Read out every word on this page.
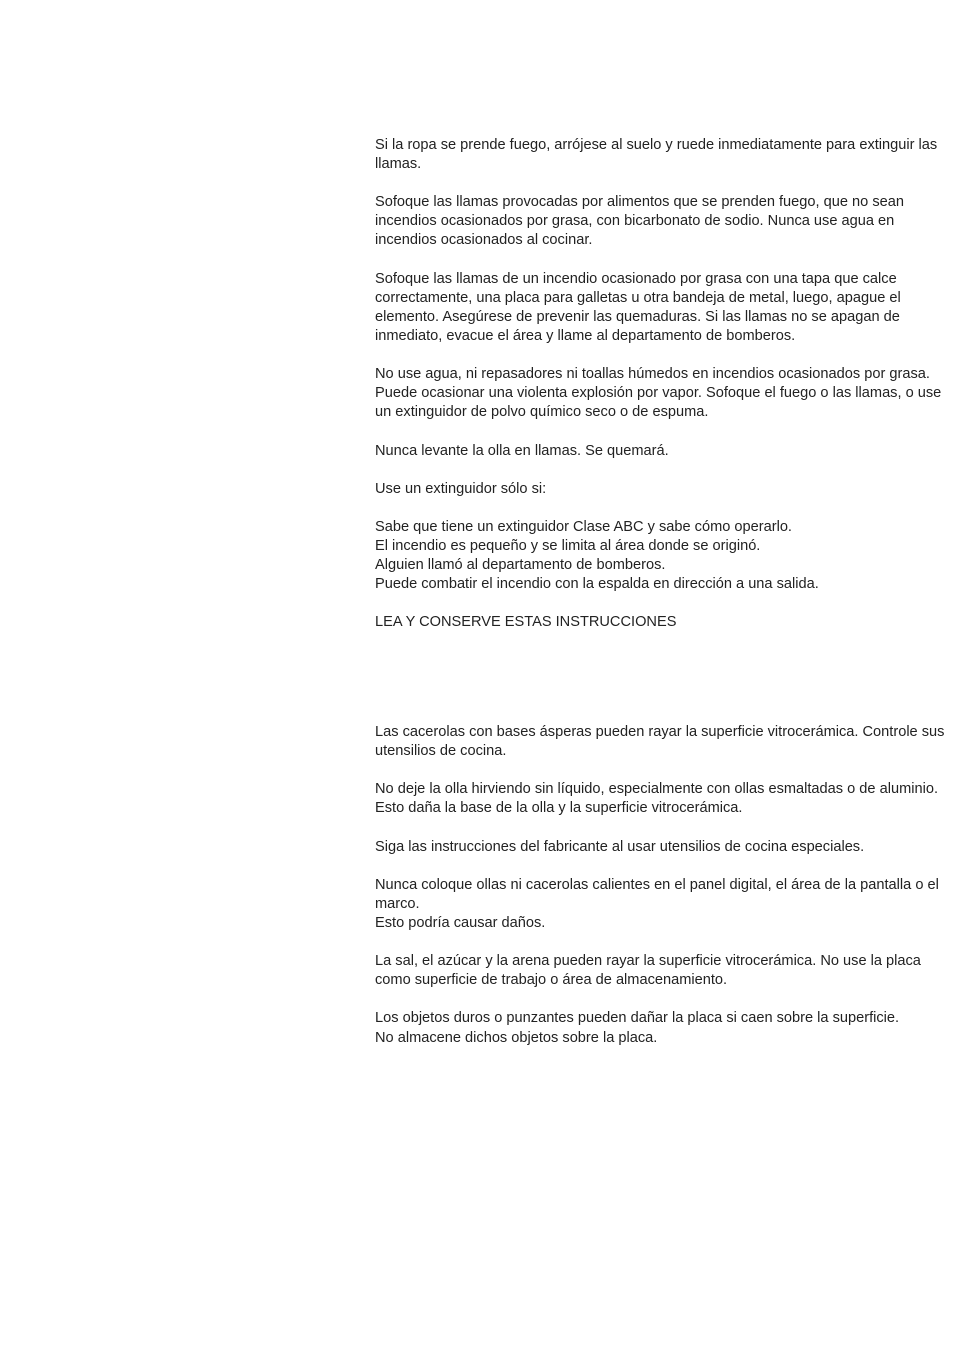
Si la ropa se prende fuego, arrójese al suelo y ruede inmediatamente para extinguir las llamas.

Sofoque las llamas provocadas por alimentos que se prenden fuego, que no sean incendios ocasionados por grasa, con bicarbonato de sodio. Nunca use agua en incendios ocasionados al cocinar.

Sofoque las llamas de un incendio ocasionado por grasa con una tapa que calce correctamente, una placa para galletas u otra bandeja de metal, luego, apague el elemento. Asegúrese de prevenir las quemaduras. Si las llamas no se apagan de inmediato, evacue el área y llame al departamento de bomberos.

No use agua, ni repasadores ni toallas húmedos en incendios ocasionados por grasa. Puede ocasionar una violenta explosión por vapor. Sofoque el fuego o las llamas, o use un extinguidor de polvo químico seco o de espuma.

Nunca levante la olla en llamas. Se quemará.

Use un extinguidor sólo si:

Sabe que tiene un extinguidor Clase ABC y sabe cómo operarlo.
El incendio es pequeño y se limita al área donde se originó.
Alguien llamó al departamento de bomberos.
Puede combatir el incendio con la espalda en dirección a una salida.

LEA Y CONSERVE ESTAS INSTRUCCIONES

Las cacerolas con bases ásperas pueden rayar la superficie vitrocerámica. Controle sus utensilios de cocina.

No deje la olla hirviendo sin líquido, especialmente con ollas esmaltadas o de aluminio. Esto daña la base de la olla y la superficie vitrocerámica.

Siga las instrucciones del fabricante al usar utensilios de cocina especiales.

Nunca coloque ollas ni cacerolas calientes en el panel digital, el área de la pantalla o el marco.
Esto podría causar daños.

La sal, el azúcar y la arena pueden rayar la superficie vitrocerámica. No use la placa como superficie de trabajo o área de almacenamiento.

Los objetos duros o punzantes pueden dañar la placa si caen sobre la superficie.
No almacene dichos objetos sobre la placa.
